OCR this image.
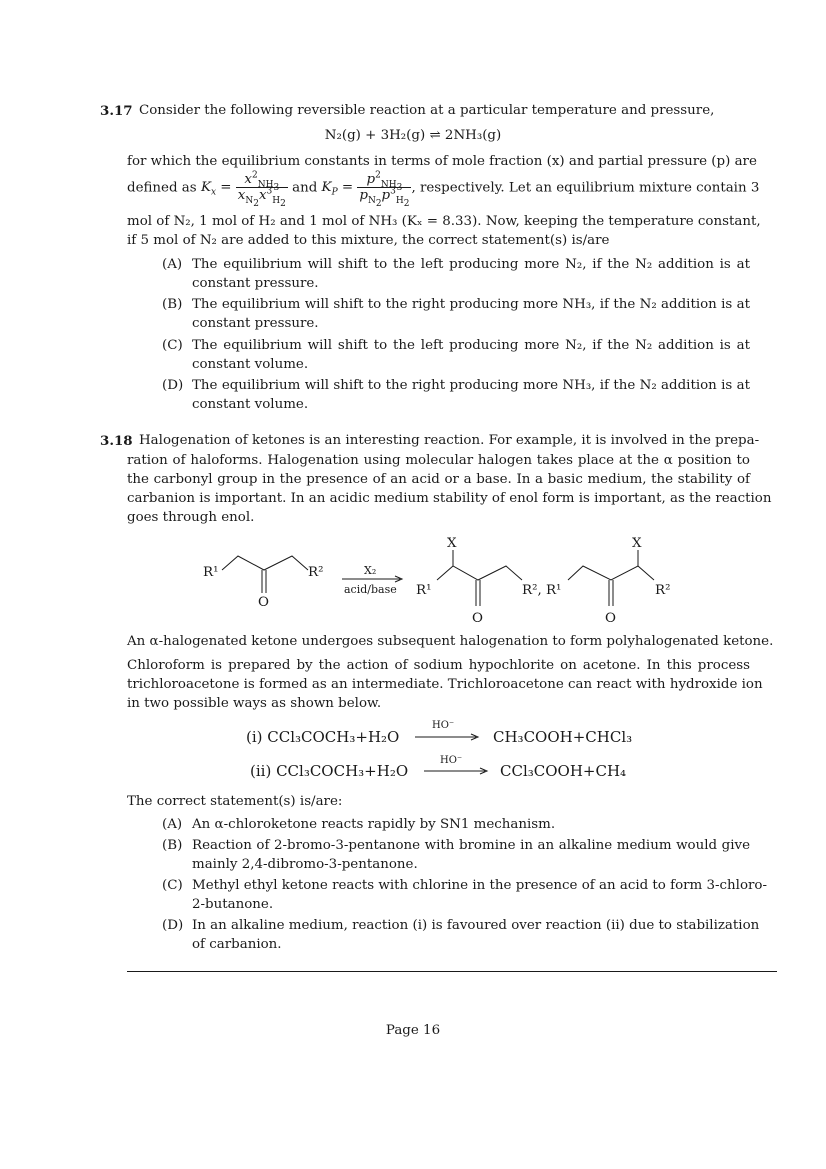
3.17 Consider the following reversible reaction at a particular temperature and pressure,
N₂(g) + 3H₂(g) ⇌ 2NH₃(g)
for which the equilibrium constants in terms of mole fraction (x) and partial pressure (p) are
defined as $K_x = \frac{x^2_{NH_3}}{x_{N_2}x^3_{H_2}}$ and $K_P = \frac{p^2_{NH_3}}{p_{N_2}p^3_{H_2}}$ , respectively. Let an equilibrium mixture contain 3
mol of N₂, 1 mol of H₂ and 1 mol of NH₃ (Kₓ = 8.33). Now, keeping the temperature constant,
if 5 mol of N₂ are added to this mixture, the correct statement(s) is/are
(A) The equilibrium will shift to the left producing more N₂, if the N₂ addition is at
constant pressure.
(B) The equilibrium will shift to the right producing more NH₃, if the N₂ addition is at
constant pressure.
(C) The equilibrium will shift to the left producing more N₂, if the N₂ addition is at
constant volume.
(D) The equilibrium will shift to the right producing more NH₃, if the N₂ addition is at
constant volume.
3.18 Halogenation of ketones is an interesting reaction. For example, it is involved in the prepa-
ration of haloforms. Halogenation using molecular halogen takes place at the α position to
the carbonyl group in the presence of an acid or a base. In a basic medium, the stability of
carbanion is important. In an acidic medium stability of enol form is important, as the reaction
goes through enol.
R¹	R²
O
X₂
acid/base R¹
X
O
R², R¹
X
O
R²
An α-halogenated ketone undergoes subsequent halogenation to form polyhalogenated ketone.
Chloroform is prepared by the action of sodium hypochlorite on acetone. In this process
trichloroacetone is formed as an intermediate. Trichloroacetone can react with hydroxide ion
in two possible ways as shown below.
(i) CCl₃COCH₃+H₂O
HO⁻
CH₃COOH+CHCl₃
(ii) CCl₃COCH₃+H₂O
HO⁻
CCl₃COOH+CH₄
The correct statement(s) is/are:
(A) An α-chloroketone reacts rapidly by SN1 mechanism.
(B) Reaction of 2-bromo-3-pentanone with bromine in an alkaline medium would give
mainly 2,4-dibromo-3-pentanone.
(C) Methyl ethyl ketone reacts with chlorine in the presence of an acid to form 3-chloro-
2-butanone.
(D) In an alkaline medium, reaction (i) is favoured over reaction (ii) due to stabilization
of carbanion.
Page 16
